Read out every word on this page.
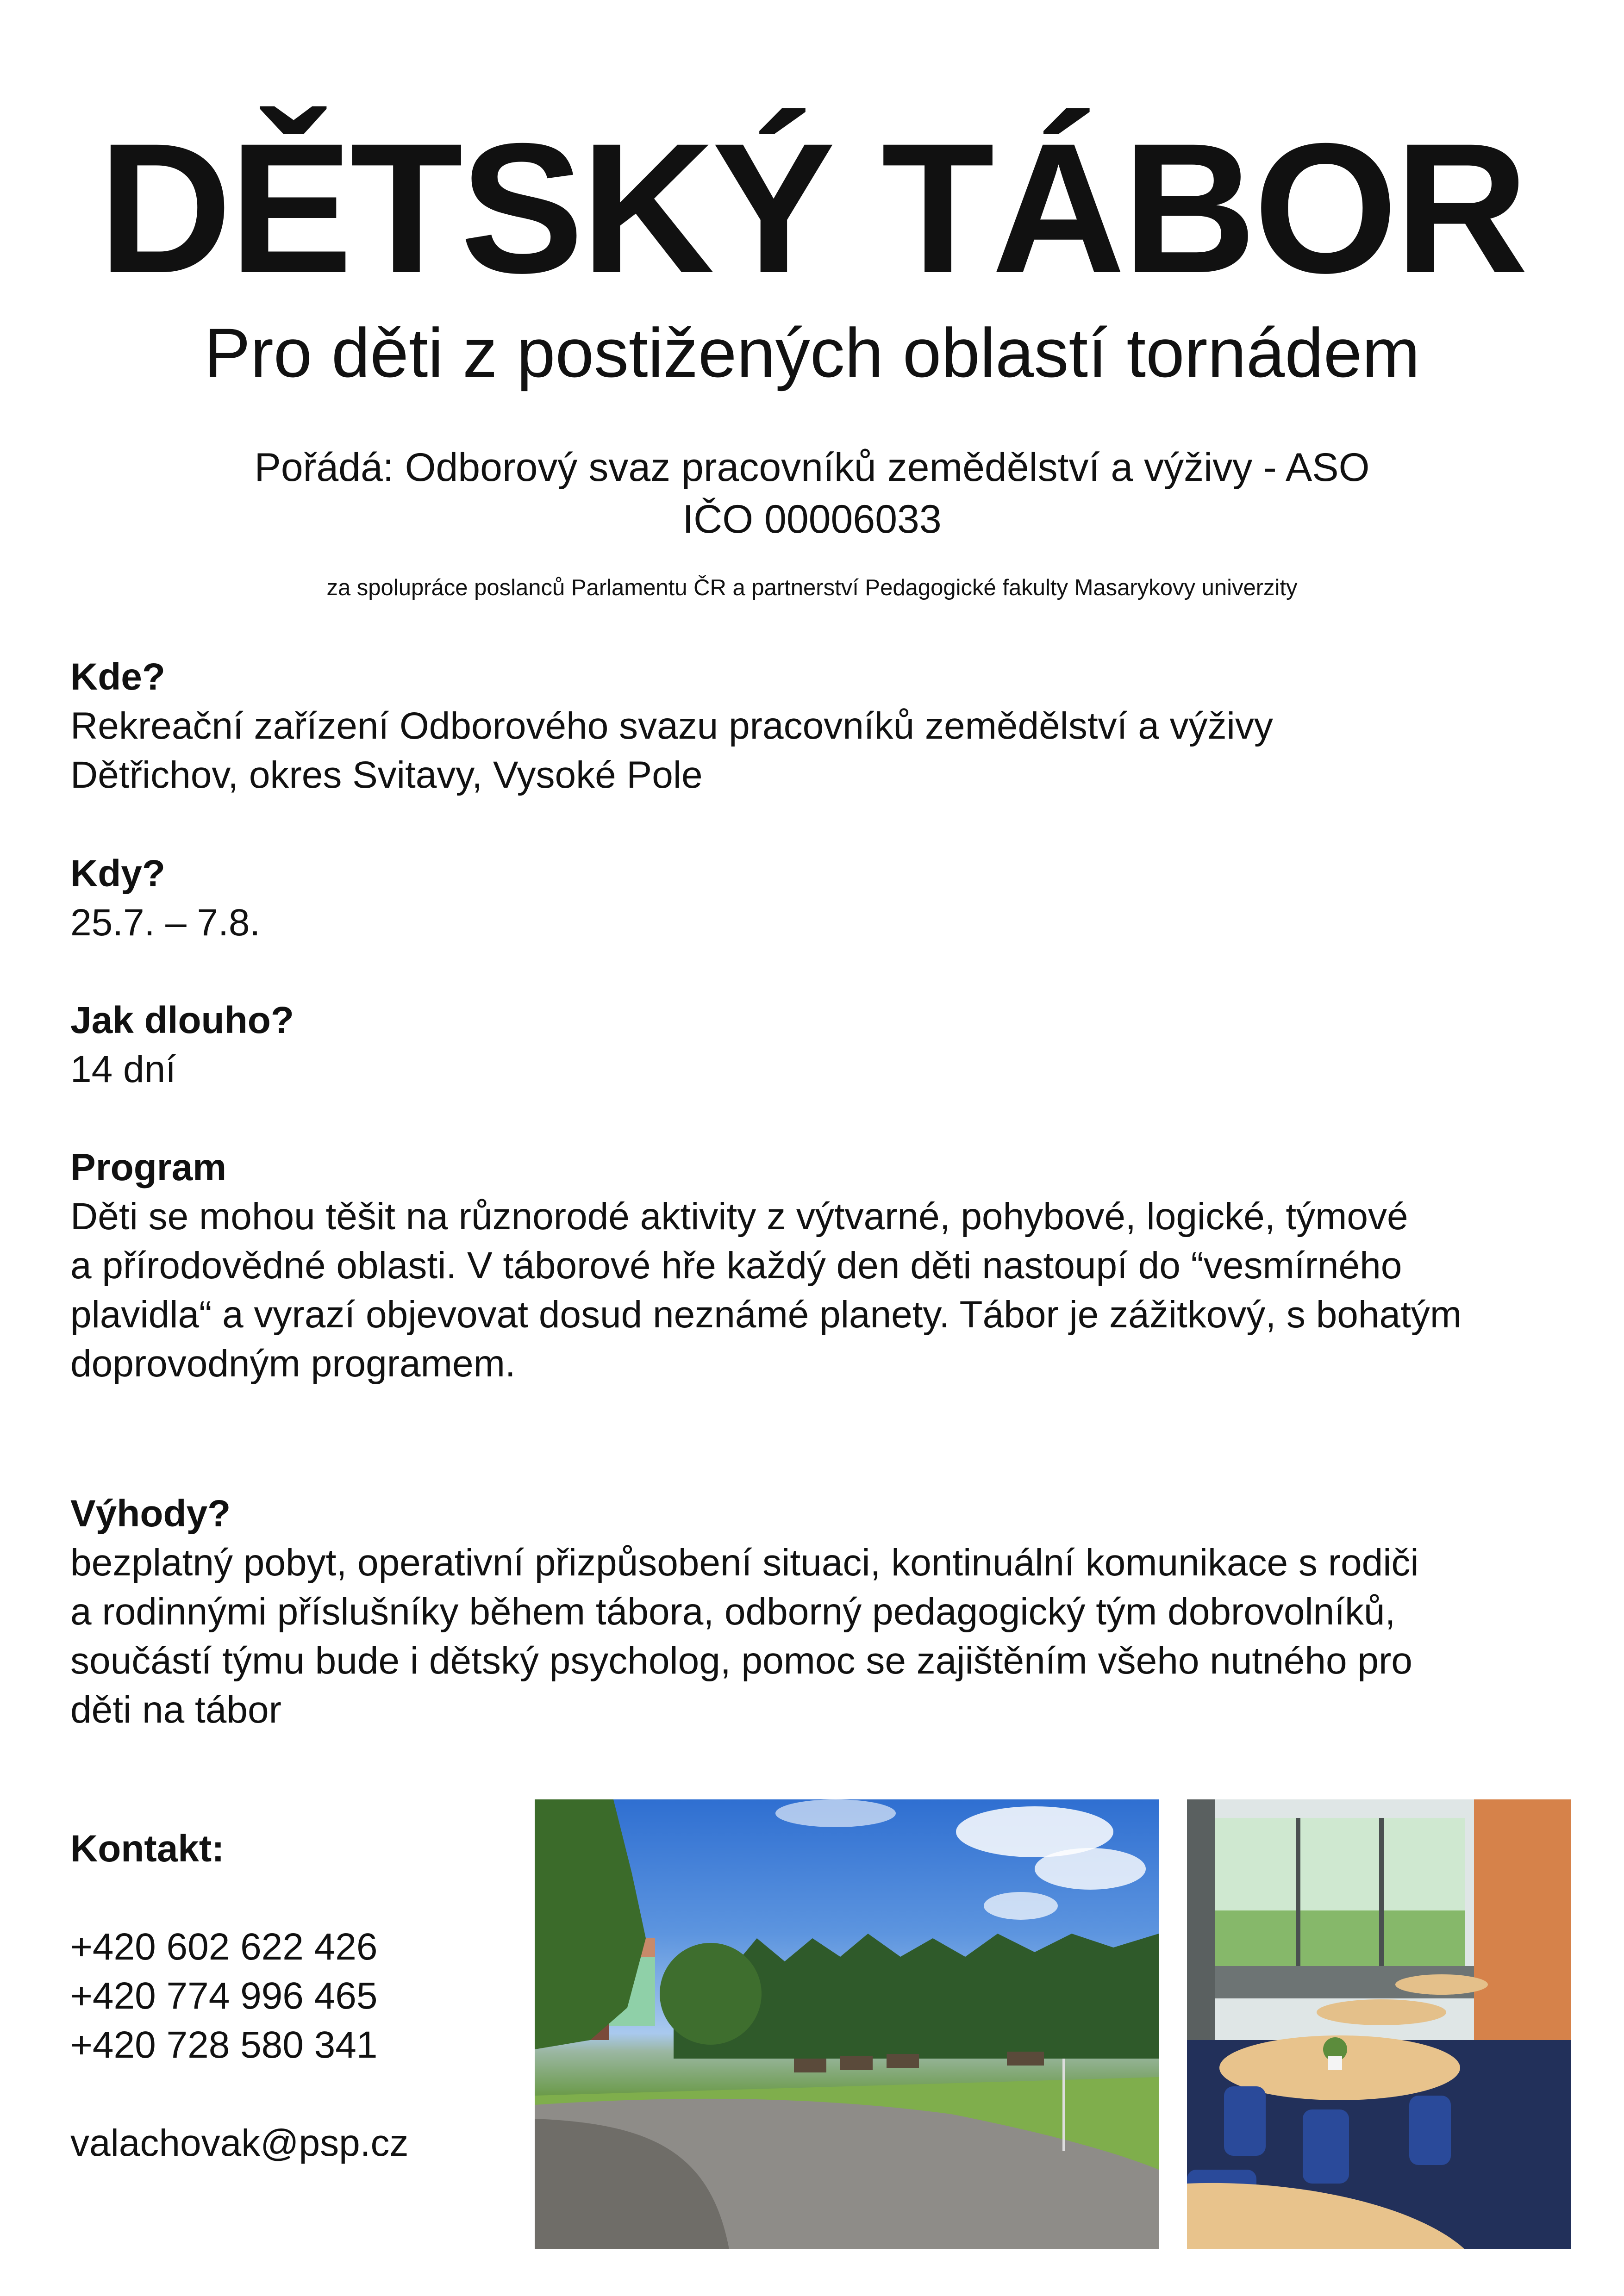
DĚTSKÝ TÁBOR
Pro děti z postižených oblastí tornádem
Pořádá: Odborový svaz pracovníků zemědělství a výživy - ASO
IČO 00006033
za spolupráce poslanců Parlamentu ČR a partnerství Pedagogické fakulty Masarykovy univerzity
Kde?
Rekreační zařízení Odborového svazu pracovníků zemědělství a výživy
Dětřichov, okres Svitavy, Vysoké Pole
Kdy?
25.7. – 7.8.
Jak dlouho?
14 dní
Program
Děti se mohou těšit na různorodé aktivity z výtvarné, pohybové, logické, týmové
a přírodovědné oblasti. V táborové hře každý den děti nastoupí do “vesmírného
plavidla“ a vyrazí objevovat dosud neznámé planety. Tábor je zážitkový, s bohatým
doprovodným programem.
Výhody?
bezplatný pobyt, operativní přizpůsobení situaci, kontinuální komunikace s rodiči
a rodinnými příslušníky během tábora, odborný pedagogický tým dobrovolníků,
součástí týmu bude i dětský psycholog, pomoc se zajištěním všeho nutného pro
děti na tábor
Kontakt:
+420 602 622 426
+420 774 996 465
+420 728 580 341
valachovak@psp.cz
